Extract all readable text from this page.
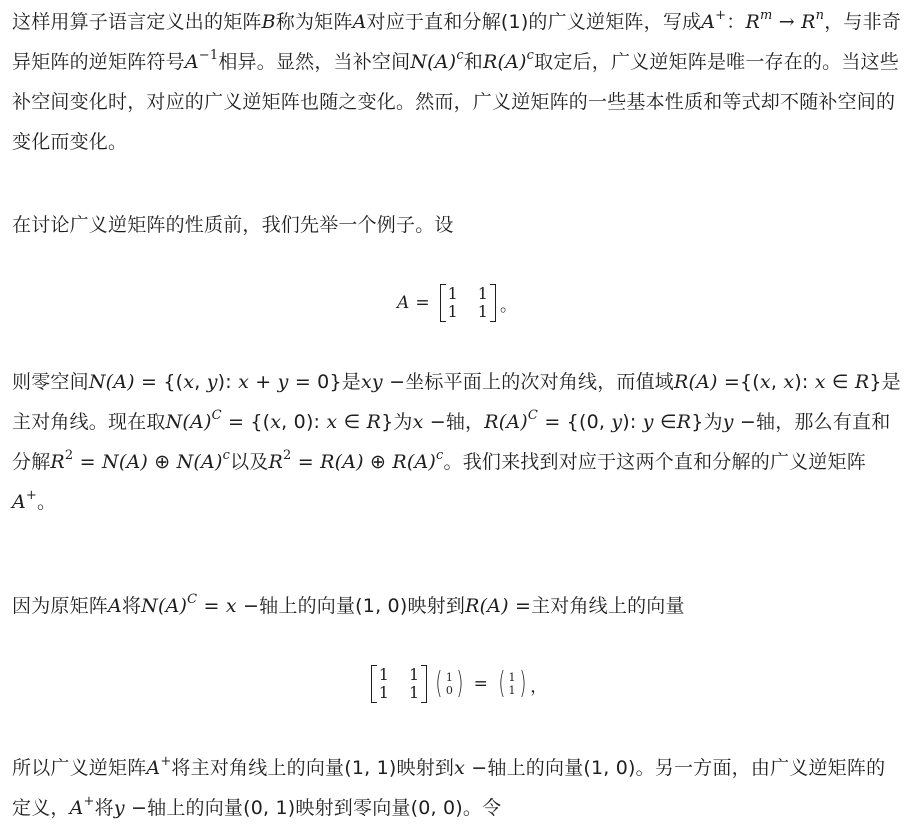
这样用算子语言定义出的矩阵B称为矩阵A对应于直和分解(1)的广义逆矩阵，写成A+：$R^m \to R^n$，与非奇异矩阵的逆矩阵符号$A^{-1}$相异。显然，当补空间$N(A)^c$和$R(A)^c$取定后，广义逆矩阵是唯一存在的。当这些补空间变化时，对应的广义逆矩阵也随之变化。然而，广义逆矩阵的一些基本性质和等式却不随补空间的变化而变化。

在讨论广义逆矩阵的性质前，我们先举一个例子。设

A = 1 1
1 1 。

则零空间N(A) = {(x, y): x + y = 0}是xy −坐标平面上的次对角线，而值域R(A) ={(x, x): x ∈ R}是主对角线。现在取$N(A)^C = \{(x$, 0): x ∈ R}为x −轴，$R(A)^C = \{(0$, y): y ∈R}为y −轴，那么有直和分解$R^2 = N(A)$ ⊕ $N(A)^c$以及$R^2 = R(A)$ ⊕ $R(A)^c$。我们来找到对应于这两个直和分解的广义逆矩阵A+。

因为原矩阵A将$N(A)^C = x$ −轴上的向量(1, 0)映射到R(A) =主对角线上的向量

1 1
1 1 ( 1
0 ) = ( 1
1 ) ，

所以广义逆矩阵A+将主对角线上的向量(1, 1)映射到x −轴上的向量(1, 0)。另一方面，由广义逆矩阵的定义，A+将y −轴上的向量(0, 1)映射到零向量(0, 0)。令
